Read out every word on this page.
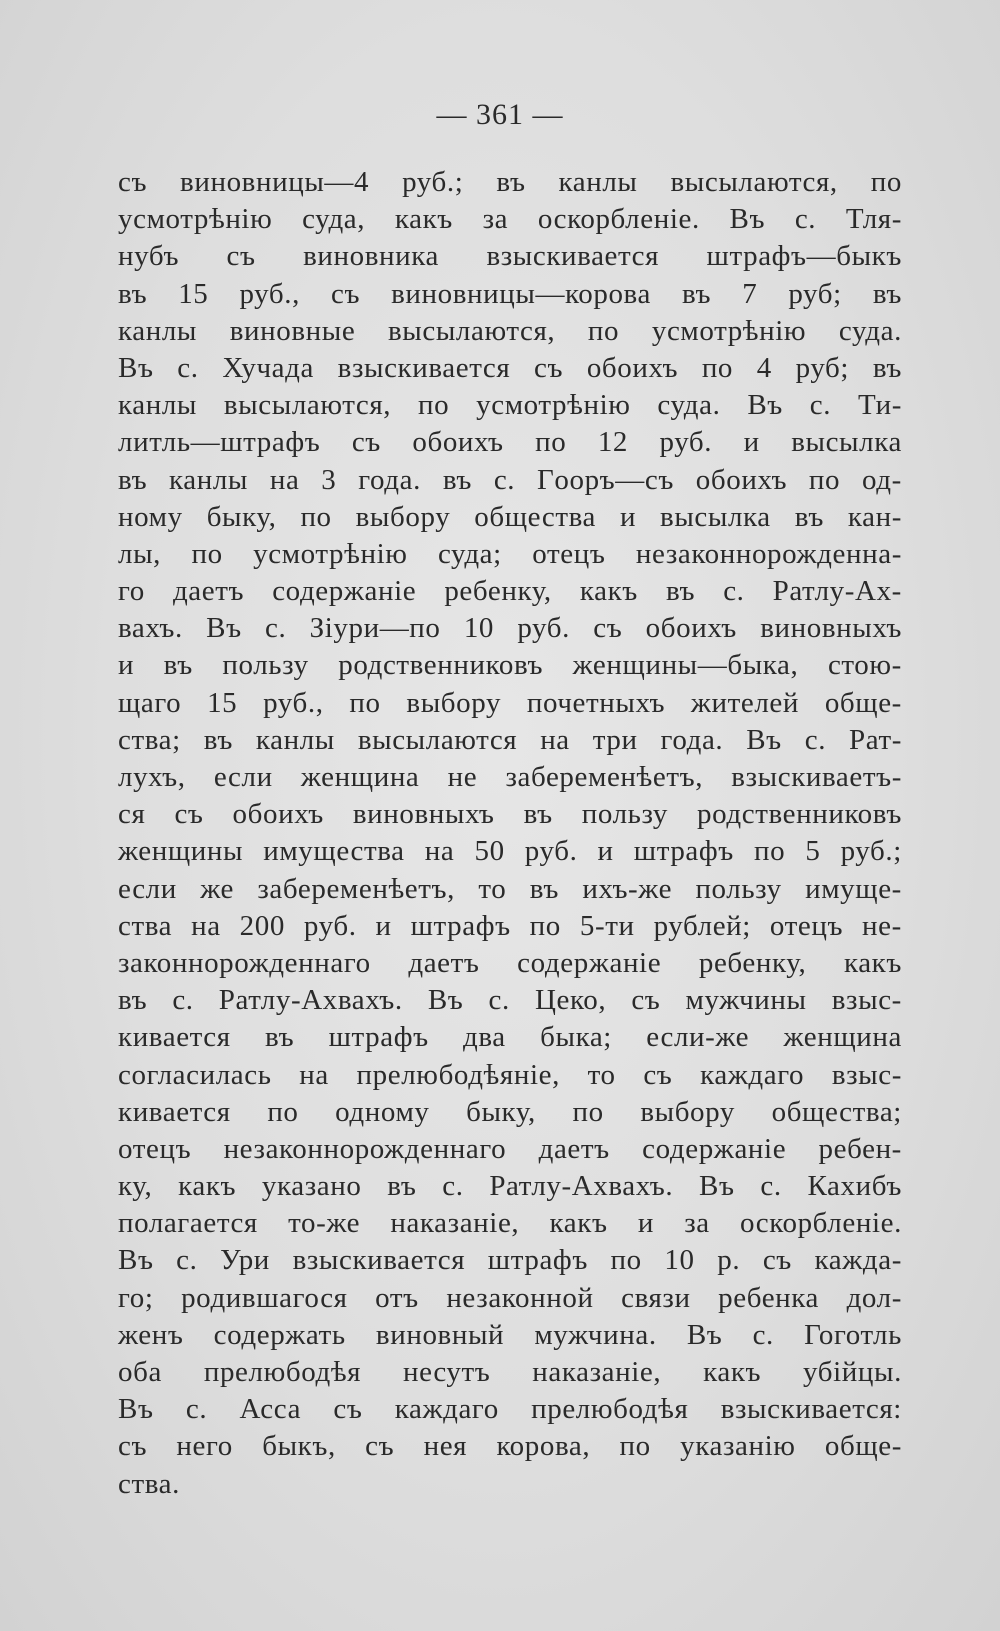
— 361 —
съ виновницы—4 руб.; въ канлы высылаются, по
усмотрѣнію суда, какъ за оскорбленіе. Въ с. Тля-
нубъ съ виновника взыскивается штрафъ—быкъ
въ 15 руб., съ виновницы—корова въ 7 руб; въ
канлы виновные высылаются, по усмотрѣнію суда.
Въ с. Хучада взыскивается съ обоихъ по 4 руб; въ
канлы высылаются, по усмотрѣнію суда. Въ с. Ти-
литль—штрафъ съ обоихъ по 12 руб. и высылка
въ канлы на 3 года. въ с. Гooръ—съ обоихъ по од-
ному быку, по выбору общества и высылка въ кан-
лы, по усмотрѣнію суда; отецъ незаконнорожденна-
го даетъ содержаніе ребенку, какъ въ с. Ратлу-Ах-
вахъ. Въ с. Зіури—по 10 руб. съ обоихъ виновныхъ
и въ пользу родственниковъ женщины—быка, стою-
щаго 15 руб., по выбору почетныхъ жителей обще-
ства; въ канлы высылаются на три года. Въ с. Рат-
лухъ, если женщина не забеременѣетъ, взыскиваетъ-
ся съ обоихъ виновныхъ въ пользу родственниковъ
женщины имущества на 50 руб. и штрафъ по 5 руб.;
если же забеременѣетъ, то въ ихъ-же пользу имуще-
ства на 200 руб. и штрафъ по 5-ти рублей; отецъ не-
законнорожденнаго даетъ содержаніе ребенку, какъ
въ с. Ратлу-Ахвахъ. Въ с. Цеко, съ мужчины взыс-
кивается въ штрафъ два быка; если-же женщина
согласилась на прелюбодѣяніе, то съ каждаго взыс-
кивается по одному быку, по выбору общества;
отецъ незаконнорожденнаго даетъ содержаніе ребен-
ку, какъ указано въ с. Ратлу-Ахвахъ. Въ с. Кахибъ
полагается то-же наказаніе, какъ и за оскорбленіе.
Въ с. Ури взыскивается штрафъ по 10 р. съ каждa-
го; родившагося отъ незаконной связи ребенка дол-
женъ содержать виновный мужчина. Въ с. Гоготль
оба прелюбодѣя несутъ наказаніе, какъ убійцы.
Въ с. Асса съ каждаго прелюбодѣя взыскивается:
съ него быкъ, съ нея корова, по указанію обще-
ства.
